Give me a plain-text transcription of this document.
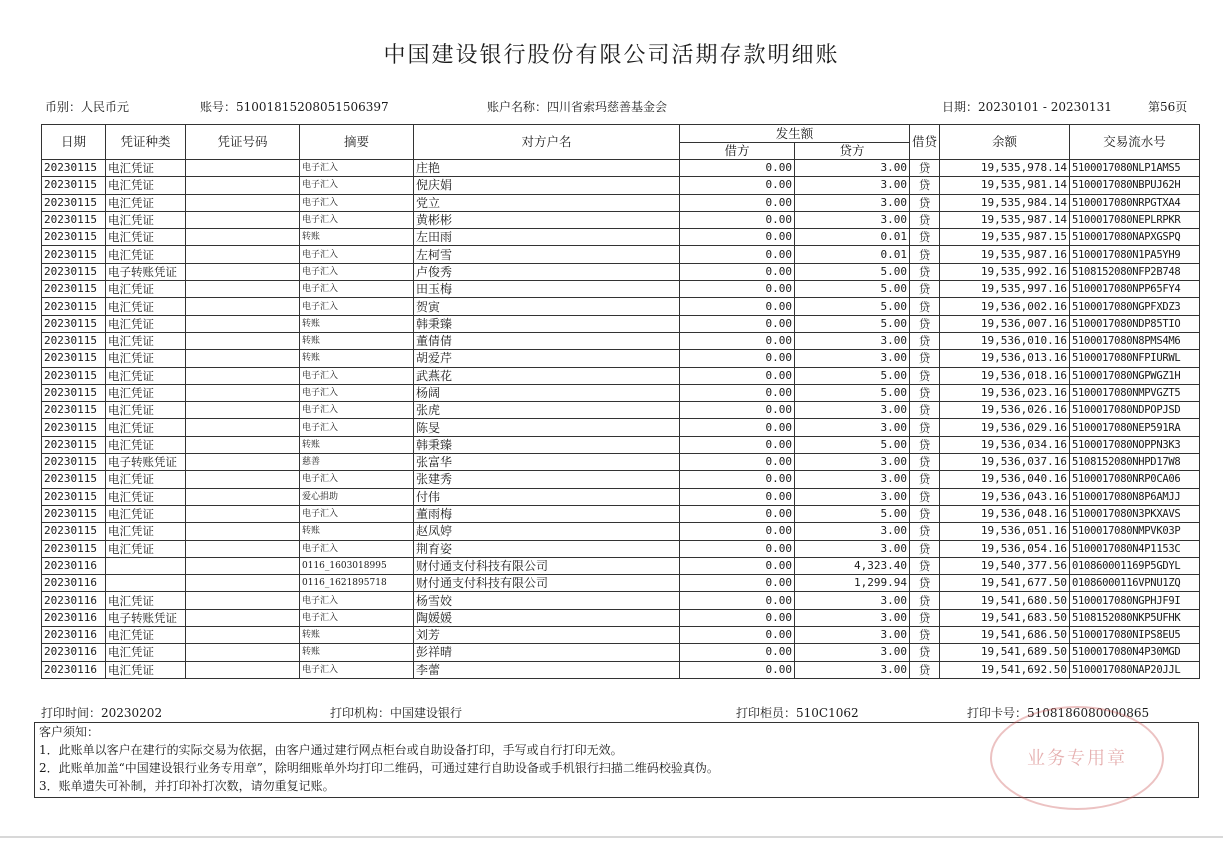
中国建设银行股份有限公司活期存款明细账
币别：人民币元	账号：51001815208051506397	账户名称：四川省索玛慈善基金会	日期：20230101 - 20230131	第56页
日期	凭证种类	凭证号码	摘要	对方户名	发生额		借贷	余额	交易流水号
					借方	贷方			
20230115	电汇凭证		电子汇入	庄艳	0.00	3.00	贷	19,535,978.14	5100017080NLP1AMS5
20230115	电汇凭证		电子汇入	倪庆娟	0.00	3.00	贷	19,535,981.14	5100017080NBPUJ62H
20230115	电汇凭证		电子汇入	党立	0.00	3.00	贷	19,535,984.14	5100017080NRPGTXA4
20230115	电汇凭证		电子汇入	黄彬彬	0.00	3.00	贷	19,535,987.14	5100017080NEPLRPKR
20230115	电汇凭证		转账	左田雨	0.00	0.01	贷	19,535,987.15	5100017080NAPXGSPQ
20230115	电汇凭证		电子汇入	左柯雪	0.00	0.01	贷	19,535,987.16	5100017080N1PA5YH9
20230115	电子转账凭证		电子汇入	卢俊秀	0.00	5.00	贷	19,535,992.16	5108152080NFP2B748
20230115	电汇凭证		电子汇入	田玉梅	0.00	5.00	贷	19,535,997.16	5100017080NPP65FY4
20230115	电汇凭证		电子汇入	贺寅	0.00	5.00	贷	19,536,002.16	5100017080NGPFXDZ3
20230115	电汇凭证		转账	韩秉臻	0.00	5.00	贷	19,536,007.16	5100017080NDP85TIO
20230115	电汇凭证		转账	董倩倩	0.00	3.00	贷	19,536,010.16	5100017080N8PMS4M6
20230115	电汇凭证		转账	胡爱芹	0.00	3.00	贷	19,536,013.16	5100017080NFPIURWL
20230115	电汇凭证		电子汇入	武燕花	0.00	5.00	贷	19,536,018.16	5100017080NGPWGZ1H
20230115	电汇凭证		电子汇入	杨阔	0.00	5.00	贷	19,536,023.16	5100017080NMPVGZT5
20230115	电汇凭证		电子汇入	张虎	0.00	3.00	贷	19,536,026.16	5100017080NDPOPJSD
20230115	电汇凭证		电子汇入	陈旻	0.00	3.00	贷	19,536,029.16	5100017080NEP591RA
20230115	电汇凭证		转账	韩秉臻	0.00	5.00	贷	19,536,034.16	5100017080NOPPN3K3
20230115	电子转账凭证		慈善	张富华	0.00	3.00	贷	19,536,037.16	5108152080NHPD17W8
20230115	电汇凭证		电子汇入	张建秀	0.00	3.00	贷	19,536,040.16	5100017080NRP0CA06
20230115	电汇凭证		爱心捐助	付伟	0.00	3.00	贷	19,536,043.16	5100017080N8P6AMJJ
20230115	电汇凭证		电子汇入	董雨梅	0.00	5.00	贷	19,536,048.16	5100017080N3PKXAVS
20230115	电汇凭证		转账	赵凤婷	0.00	3.00	贷	19,536,051.16	5100017080NMPVK03P
20230115	电汇凭证		电子汇入	荆育姿	0.00	3.00	贷	19,536,054.16	5100017080N4P1153C
20230116			0116_1603018995	财付通支付科技有限公司	0.00	4,323.40	贷	19,540,377.56	010860001169P5GDYL
20230116			0116_1621895718	财付通支付科技有限公司	0.00	1,299.94	贷	19,541,677.50	01086000116VPNU1ZQ
20230116	电汇凭证		电子汇入	杨雪姣	0.00	3.00	贷	19,541,680.50	5100017080NGPHJF9I
20230116	电子转账凭证		电子汇入	陶媛媛	0.00	3.00	贷	19,541,683.50	5108152080NKP5UFHK
20230116	电汇凭证		转账	刘芳	0.00	3.00	贷	19,541,686.50	5100017080NIPS8EU5
20230116	电汇凭证		转账	彭祥晴	0.00	3.00	贷	19,541,689.50	5100017080N4P30MGD
20230116	电汇凭证		电子汇入	李蕾	0.00	3.00	贷	19,541,692.50	5100017080NAP20JJL
打印时间：20230202	打印机构：中国建设银行	打印柜员：510C1062	打印卡号：5108186080000865
客户须知：
1．此账单以客户在建行的实际交易为依据，由客户通过建行网点柜台或自助设备打印，手写或自行打印无效。
2．此账单加盖“中国建设银行业务专用章”，除明细账单外均打印二维码，可通过建行自助设备或手机银行扫描二维码校验真伪。
3．账单遗失可补制，并打印补打次数，请勿重复记账。
业务专用章
